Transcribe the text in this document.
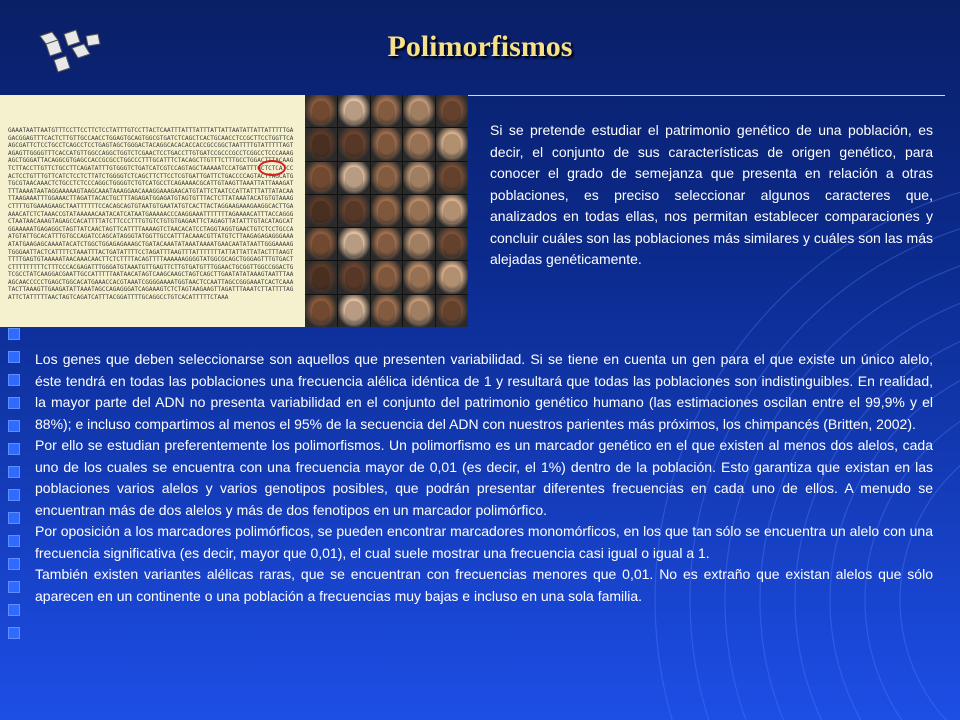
Polimorfismos
GAAATAATTAATGTTTCCTTCCTTCTCCTATTTGTCCTTACTCAATTTATTTATTTATTATTAATATTATTATTTTTGAGACGGAGTTTCACTCTTGTTGCCAACCTGGAGTGCAGTGGCGTGATCTCAGCTCACTGCAACCTCCGCTTCCTGGTTCAAGCGATTCTCCTGCCTCAGCCTCCTGAGTAGCTGGGACTACAGGCACACACCACCGCCGGCTAATTTTGTATTTTTAGTAGAGTTGGGGTTTCACCATGTTGGCCAGGCTGGTCTCGAACTCCTGACCTTGTGATCCGCCCGCCTCGGCCTCCCAAAGAGCTGGGATTACAGGCGTGAGCCACCGCGCCTGGCCCTTTGCATTTCTACAGCTTGTTTCTTTGCCTGGACTTTACAAGTCTTACCTTGTTCTGCCTTCAGATATTTGTGGGTCTGATCATCGTCCAGTAGCTAAAAATCCATGATTTGCTCTCATCCACTCCTGTTTGTTCATCTCCTCTTATCTGGGGTCTCAGCTTCTTCCTCGTGATTGATTCTGACCCCAGTACTTAGCATGTGCGTAACAAACTCTGCCTCTCCCAGGCTGGGGTCTGTCATGCCTCAGAAAACGCATTGTAAGTTAAATTATTAAAGATTTTAAAATAATAGGAAAAAGTAAGCAAATAAAGGAACAAAGGAAAGAACATGTATTCTAATCCATTATTTATTATACAATTAAGAAATTTGGAAACTTAGATTACACTGCTTTAGAGATGGAGATGTAGTGTTTACTCTTATAAATACATGTGTAAAGCTTTTGTGAAAGAAGCTAATTTTTTCCACAGCAGTGTAATGTGAATATGTCACTTACTAGGAAGAAAGAAGGCACTTGAAAACATCTCTAAACCGTATAAAAACAATACATCATAATGAAAAACCCAAGGAAATTTTTTTAGAAAACATTTACCAGGGCTAATAACAAAGTAGAGCCACATTTTATCTTCCCTTTGTGTCTGTGTGAGAATTCTAGAGTTATATTTGTACATAGCATGGAAAAATGAGAGGCTAGTTATCAACTAGTTCATTTTAAAAGTCTAACACATCCTAGGTAGGTGAACTGTCTCCTGCCAATGTATTGCACATTTGTGCCAGATCCAGCATAGGGTATGGTTGCCATTTACAAACGTTATGTCTTAAGAGAGAGGGAAAATATGAAGAGCAAAATACATCTGGCTGGAGAGAAAGCTGATACAAATATAAATAAAATGAACAATATAATTGGGAAAAGTGGGAATTACTCATTTTCTAAATTTACTGATATTTTCCTAGATTTAAGTTTATTTTTTTATTATTATTATACTTTAAGTTTTTGAGTGTAAAAATAACAAACAACTTCTCTTTTACAGTTTTAAAAAAGGGGTATGGCGCAGCTGGGAGTTTGTGACTCTTTTTTTTTCTTTCCCACGAGATTTGGGATGTAAATGTTGAGTTCTTGTGATGTTTGGAACTGCGGTTGGCCGGACTGTCGCCTATCAAGGACGAATTGCCATTTTTAATAACATAGTCAAGCAAGCTAGTCAGCTTGAATATATAAAGTAATTTAAAGCAACCCCCTGAGCTGGCACATGAAACCACGTAAATCGGGGAAAATGGTAACTCCAATTAGCCGGGAAATCACTCAAATACTTAAAGTTGAAGATATTAAATAGCCAGAGGGATCAGAAAGTCTCTAGTAAGAAGTTAGATTTAAATCTTATTTTAGATTCTATTTTTAACTAGTCAGATCATTTACGGATTTTGCAGGCCTGTCACATTTTTCTAAA
Si se pretende estudiar el patrimonio genético de una población, es decir, el conjunto de sus características de origen genético, para conocer el grado de semejanza que presenta en relación a otras poblaciones, es preciso seleccionar algunos caracteres que, analizados en todas ellas, nos permitan establecer comparaciones y concluir cuáles son las poblaciones más similares y cuáles son las más alejadas genéticamente.

Los genes que deben seleccionarse son aquellos que presenten variabilidad. Si se tiene en cuenta un gen para el que existe un único alelo, éste tendrá en todas las poblaciones una frecuencia alélica idéntica de 1 y resultará que todas las poblaciones son indistinguibles. En realidad, la mayor parte del ADN no presenta variabilidad en el conjunto del patrimonio genético humano (las estimaciones oscilan entre el 99,9% y el 88%); e incluso compartimos al menos el 95% de la secuencia del ADN con nuestros parientes más próximos, los chimpancés (Britten, 2002).

Por ello se estudian preferentemente los polimorfismos. Un polimorfismo es un marcador genético en el que existen al menos dos alelos, cada uno de los cuales se encuentra con una frecuencia mayor de 0,01 (es decir, el 1%) dentro de la población. Esto garantiza que existan en las poblaciones varios alelos y varios genotipos posibles, que podrán presentar diferentes frecuencias en cada uno de ellos. A menudo se encuentran más de dos alelos y más de dos fenotipos en un marcador polimórfico.

Por oposición a los marcadores polimórficos, se pueden encontrar marcadores monomórficos, en los que tan sólo se encuentra un alelo con una frecuencia significativa (es decir, mayor que 0,01), el cual suele mostrar una frecuencia casi igual o igual a 1.

También existen variantes alélicas raras, que se encuentran con frecuencias menores que 0,01. No es extraño que existan alelos que sólo aparecen en un continente o una población a frecuencias muy bajas e incluso en una sola familia.
